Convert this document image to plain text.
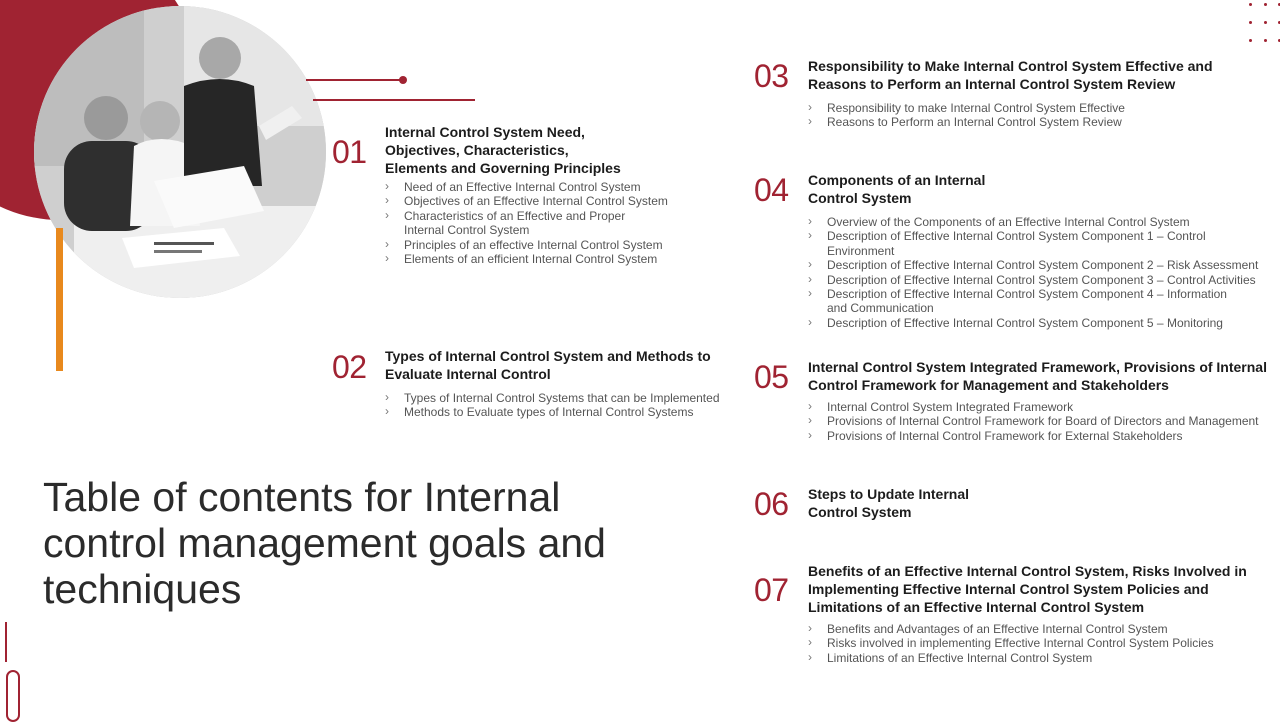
Table of contents for Internal control management goals and techniques
01
Internal Control System Need, Objectives, Characteristics, Elements and Governing Principles
› Need of an Effective Internal Control System
› Objectives of an Effective Internal Control System
› Characteristics of an Effective and Proper Internal Control System
› Principles of an effective Internal Control System
› Elements of an efficient Internal Control System
02 Types of Internal Control System and Methods to Evaluate Internal Control
› Types of Internal Control Systems that can be Implemented
› Methods to Evaluate types of Internal Control Systems
03 Responsibility to Make Internal Control System Effective and Reasons to Perform an Internal Control System Review
› Responsibility to make Internal Control System Effective
› Reasons to Perform an Internal Control System Review
04 Components of an Internal Control System
› Overview of the Components of an Effective Internal Control System
› Description of Effective Internal Control System Component 1 – Control Environment
› Description of Effective Internal Control System Component 2 – Risk Assessment
› Description of Effective Internal Control System Component 3 – Control Activities
› Description of Effective Internal Control System Component 4 – Information and Communication
› Description of Effective Internal Control System Component 5 – Monitoring
05 Internal Control System Integrated Framework, Provisions of Internal Control Framework for Management and Stakeholders
› Internal Control System Integrated Framework
› Provisions of Internal Control Framework for Board of Directors and Management
› Provisions of Internal Control Framework for External Stakeholders
06 Steps to Update Internal Control System
07
Benefits of an Effective Internal Control System, Risks Involved in Implementing Effective Internal Control System Policies and Limitations of an Effective Internal Control System
› Benefits and Advantages of an Effective Internal Control System
› Risks involved in implementing Effective Internal Control System Policies
› Limitations of an Effective Internal Control System
